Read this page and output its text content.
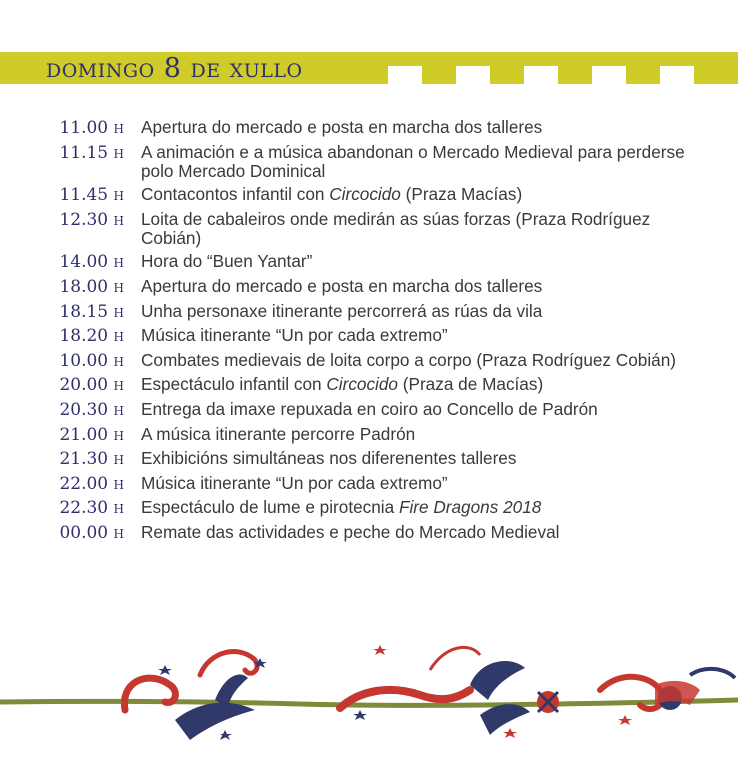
domingo 8 de xullo
11.00 h Apertura do mercado e posta en marcha dos talleres
11.15 h A animación e a música abandonan o Mercado Medieval para perderse polo Mercado Dominical
11.45 h Contacontos infantil con Circocido (Praza Macías)
12.30 h Loita de cabaleiros onde medirán as súas forzas (Praza Rodríguez Cobián)
14.00 h Hora do “Buen Yantar”
18.00 h Apertura do mercado e posta en marcha dos talleres
18.15 h Unha personaxe itinerante percorrerá as rúas da vila
18.20 h Música itinerante “Un por cada extremo”
10.00 h Combates medievais de loita corpo a corpo (Praza Rodríguez Cobián)
20.00 h Espectáculo infantil con Circocido (Praza de Macías)
20.30 h Entrega da imaxe repuxada en coiro ao Concello de Padrón
21.00 h A música itinerante percorre Padrón
21.30 h Exhibicións simultáneas nos diferenentes talleres
22.00 h Música itinerante “Un por cada extremo”
22.30 h Espectáculo de lume e pirotecnia Fire Dragons 2018
00.00 h Remate das actividades e peche do Mercado Medieval
